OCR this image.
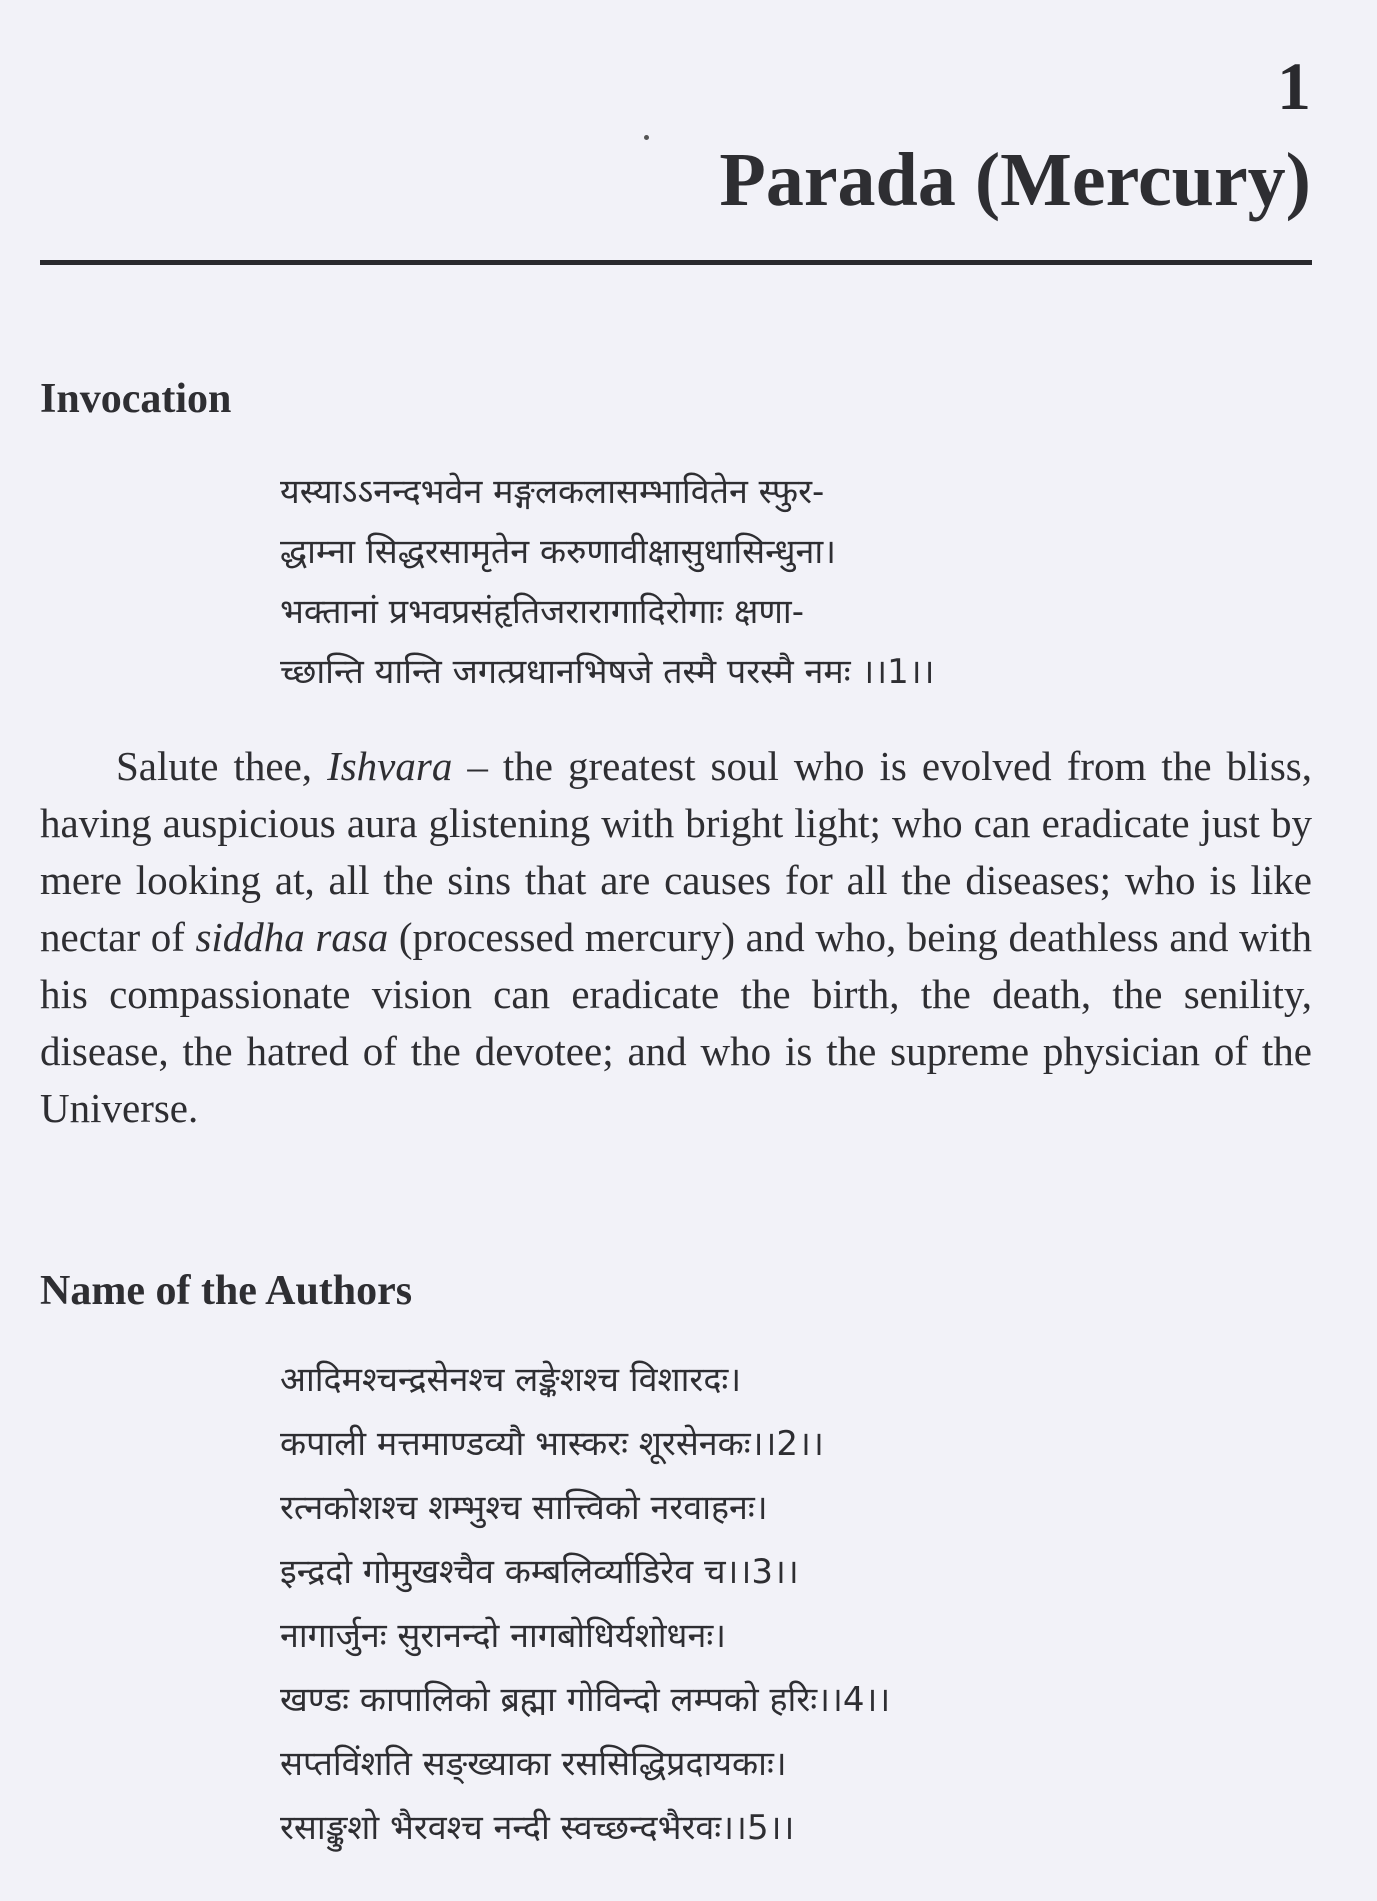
1
Parada (Mercury)
Invocation
यस्याऽऽनन्दभवेन मङ्गलकलासम्भावितेन स्फुर-
द्धाम्ना सिद्धरसामृतेन करुणावीक्षासुधासिन्धुना।
भक्तानां प्रभवप्रसंहृतिजरारागादिरोगाः क्षणा-
च्छान्ति यान्ति जगत्प्रधानभिषजे तस्मै परस्मै नमः ।।1।।
Salute thee, Ishvara – the greatest soul who is evolved from the bliss, having auspicious aura glistening with bright light; who can eradicate just by mere looking at, all the sins that are causes for all the diseases; who is like nectar of siddha rasa (processed mercury) and who, being deathless and with his compassionate vision can eradicate the birth, the death, the senility, disease, the hatred of the devotee; and who is the supreme physician of the Universe.
Name of the Authors
आदिमश्चन्द्रसेनश्च लङ्केशश्च विशारदः।
कपाली मत्तमाण्डव्यौ भास्करः शूरसेनकः।।2।।
रत्नकोशश्च शम्भुश्च सात्त्विको नरवाहनः।
इन्द्रदो गोमुखश्चैव कम्बलिर्व्याडिरेव च।।3।।
नागार्जुनः सुरानन्दो नागबोधिर्यशोधनः।
खण्डः कापालिको ब्रह्मा गोविन्दो लम्पको हरिः।।4।।
सप्तविंशति सङ्ख्याका रससिद्धिप्रदायकाः।
रसाङ्कुशो भैरवश्च नन्दी स्वच्छन्दभैरवः।।5।।
